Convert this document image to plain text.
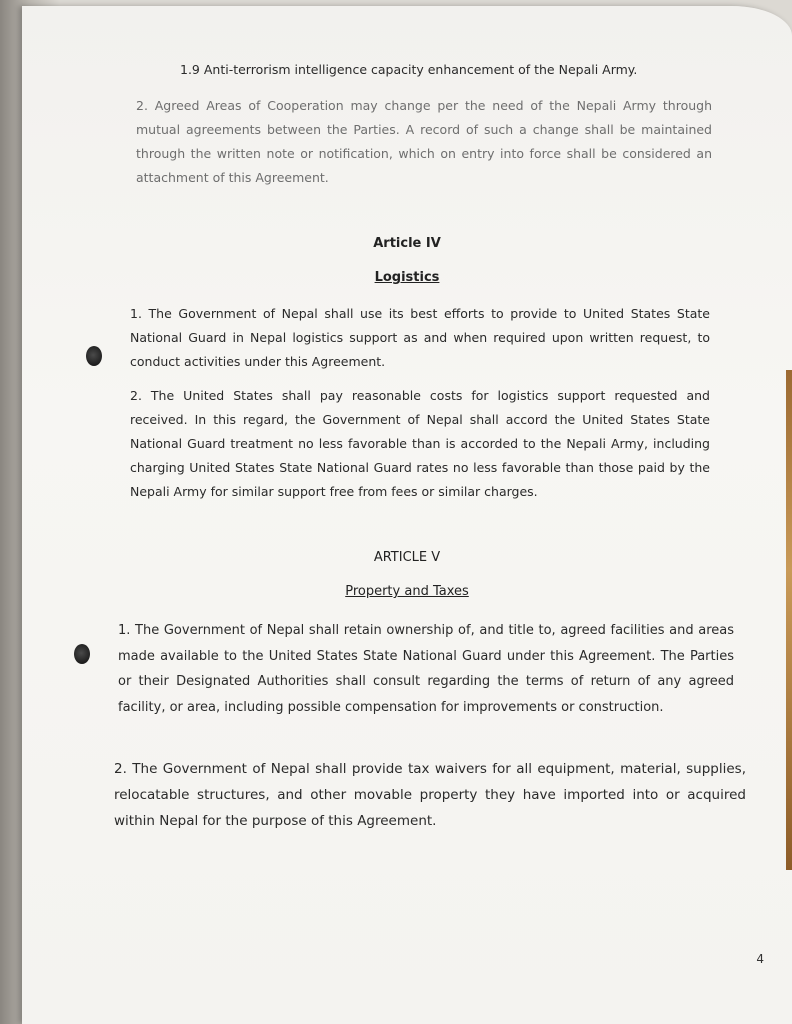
1.9 Anti-terrorism intelligence capacity enhancement of the Nepali Army.
2. Agreed Areas of Cooperation may change per the need of the Nepali Army through mutual agreements between the Parties. A record of such a change shall be maintained through the written note or notification, which on entry into force shall be considered an attachment of this Agreement.
Article IV
Logistics
1. The Government of Nepal shall use its best efforts to provide to United States State National Guard in Nepal logistics support as and when required upon written request, to conduct activities under this Agreement.
2. The United States shall pay reasonable costs for logistics support requested and received. In this regard, the Government of Nepal shall accord the United States State National Guard treatment no less favorable than is accorded to the Nepali Army, including charging United States State National Guard rates no less favorable than those paid by the Nepali Army for similar support free from fees or similar charges.
ARTICLE V
Property and Taxes
1. The Government of Nepal shall retain ownership of, and title to, agreed facilities and areas made available to the United States State National Guard under this Agreement. The Parties or their Designated Authorities shall consult regarding the terms of return of any agreed facility, or area, including possible compensation for improvements or construction.
2. The Government of Nepal shall provide tax waivers for all equipment, material, supplies, relocatable structures, and other movable property they have imported into or acquired within Nepal for the purpose of this Agreement.
4
